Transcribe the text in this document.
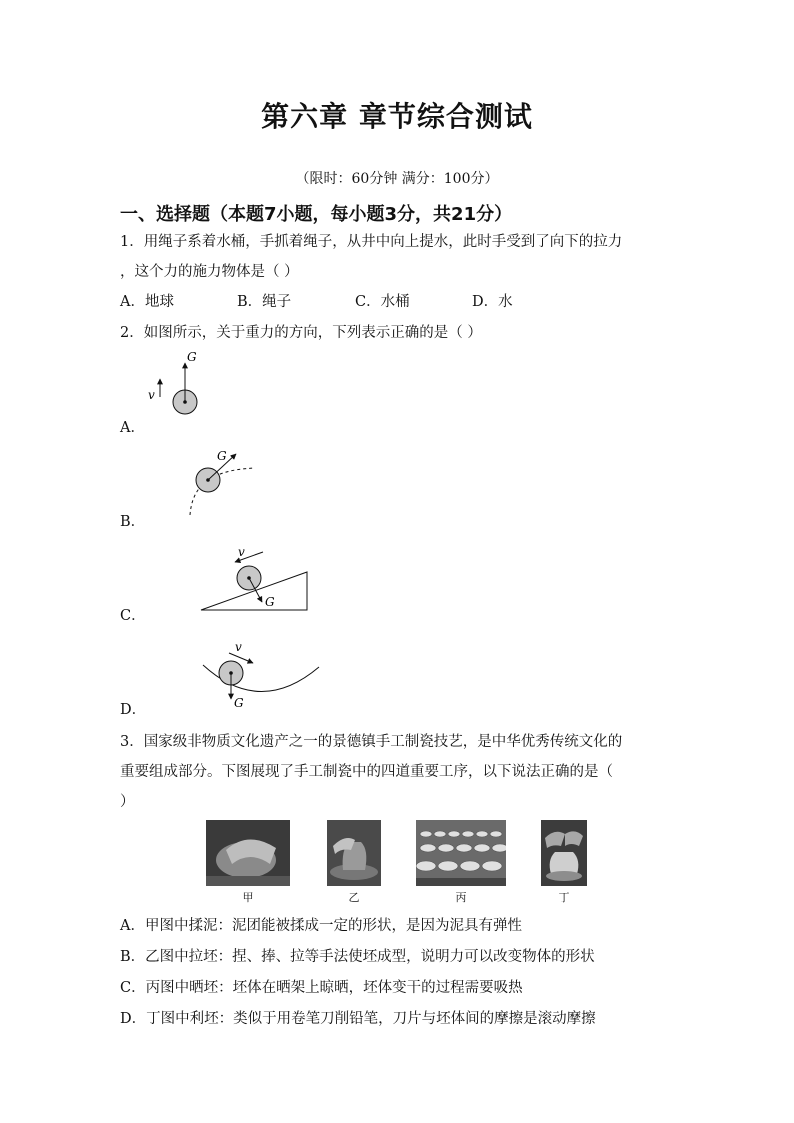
第六章 章节综合测试
（限时：60分钟 满分：100分）
一、选择题（本题7小题，每小题3分，共21分）
1．用绳子系着水桶，手抓着绳子，从井中向上提水，此时手受到了向下的拉力
，这个力的施力物体是（ ）
A．地球	B．绳子	C．水桶	D．水
2．如图所示，关于重力的方向，下列表示正确的是（ ）
A．
G
v
B．
G
C．
G
v
D．	G
v
3．国家级非物质文化遗产之一的景德镇手工制瓷技艺，是中华优秀传统文化的
重要组成部分。下图展现了手工制瓷中的四道重要工序，以下说法正确的是（
）
甲	乙	丙	丁
A．甲图中揉泥：泥团能被揉成一定的形状，是因为泥具有弹性
B．乙图中拉坯：捏、捧、拉等手法使坯成型，说明力可以改变物体的形状
C．丙图中晒坯：坯体在晒架上晾晒，坯体变干的过程需要吸热
D．丁图中利坯：类似于用卷笔刀削铅笔，刀片与坯体间的摩擦是滚动摩擦
